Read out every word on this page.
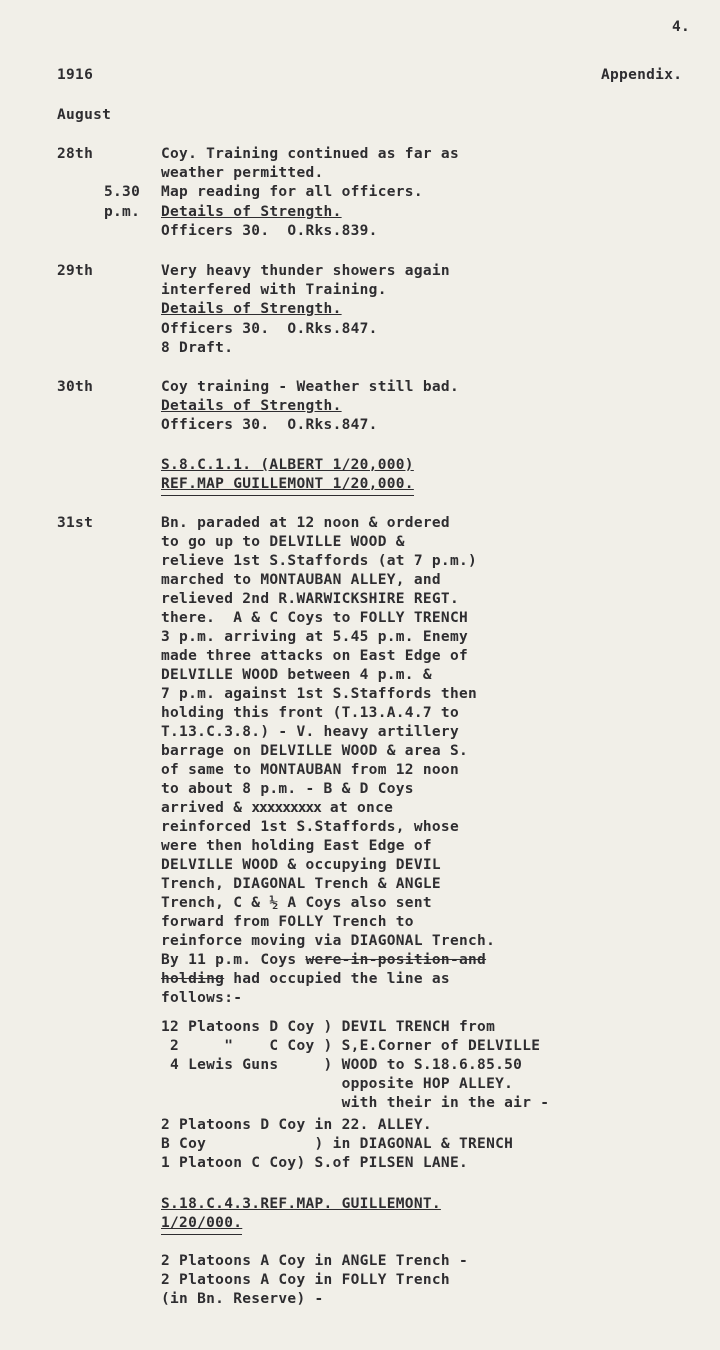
4.
1916	Appendix.
August
28th	Coy. Training continued as far as
weather permitted.
5.30 Map reading for all officers.
p.m. Details of Strength.
Officers 30.  O.Rks.839.
29th	Very heavy thunder showers again
interfered with Training.
Details of Strength.
Officers 30.  O.Rks.847.
8 Draft.
30th	Coy training - Weather still bad.
Details of Strength.
Officers 30.  O.Rks.847.
S.8.C.1.1. (ALBERT 1/20,000)
REF.MAP GUILLEMONT 1/20,000.
31st	Bn. paraded at 12 noon & ordered
to go up to DELVILLE WOOD &
relieve 1st S.Staffords (at 7 p.m.)
marched to MONTAUBAN ALLEY, and
relieved 2nd R.WARWICKSHIRE REGT.
there.  A & C Coys to FOLLY TRENCH
3 p.m. arriving at 5.45 p.m. Enemy
made three attacks on East Edge of
DELVILLE WOOD between 4 p.m. &
7 p.m. against 1st S.Staffords then
holding this front (T.13.A.4.7 to
T.13.C.3.8.) - V. heavy artillery
barrage on DELVILLE WOOD & area S.
of same to MONTAUBAN from 12 noon
to about 8 p.m. - B & D Coys
arrived & xxxxxxxxx at once
reinforced 1st S.Staffords, whose
were then holding East Edge of
DELVILLE WOOD & occupying DEVIL
Trench, DIAGONAL Trench & ANGLE
Trench, C & ½ A Coys also sent
forward from FOLLY Trench to
reinforce moving via DIAGONAL Trench.
By 11 p.m. Coys were-in-position-and
holding had occupied the line as
follows:-
12 Platoons D Coy ) DEVIL TRENCH from
2     "    C Coy ) S,E.Corner of DELVILLE
4 Lewis Guns     ) WOOD to S.18.6.85.50
opposite HOP ALLEY.
with their in the air -
2 Platoons D Coy in 22. ALLEY.
B Coy            ) in DIAGONAL & TRENCH
1 Platoon C Coy) S.of PILSEN LANE.
S.18.C.4.3.REF.MAP. GUILLEMONT.
1/20/000.
2 Platoons A Coy in ANGLE Trench -
2 Platoons A Coy in FOLLY Trench
(in Bn. Reserve) -
